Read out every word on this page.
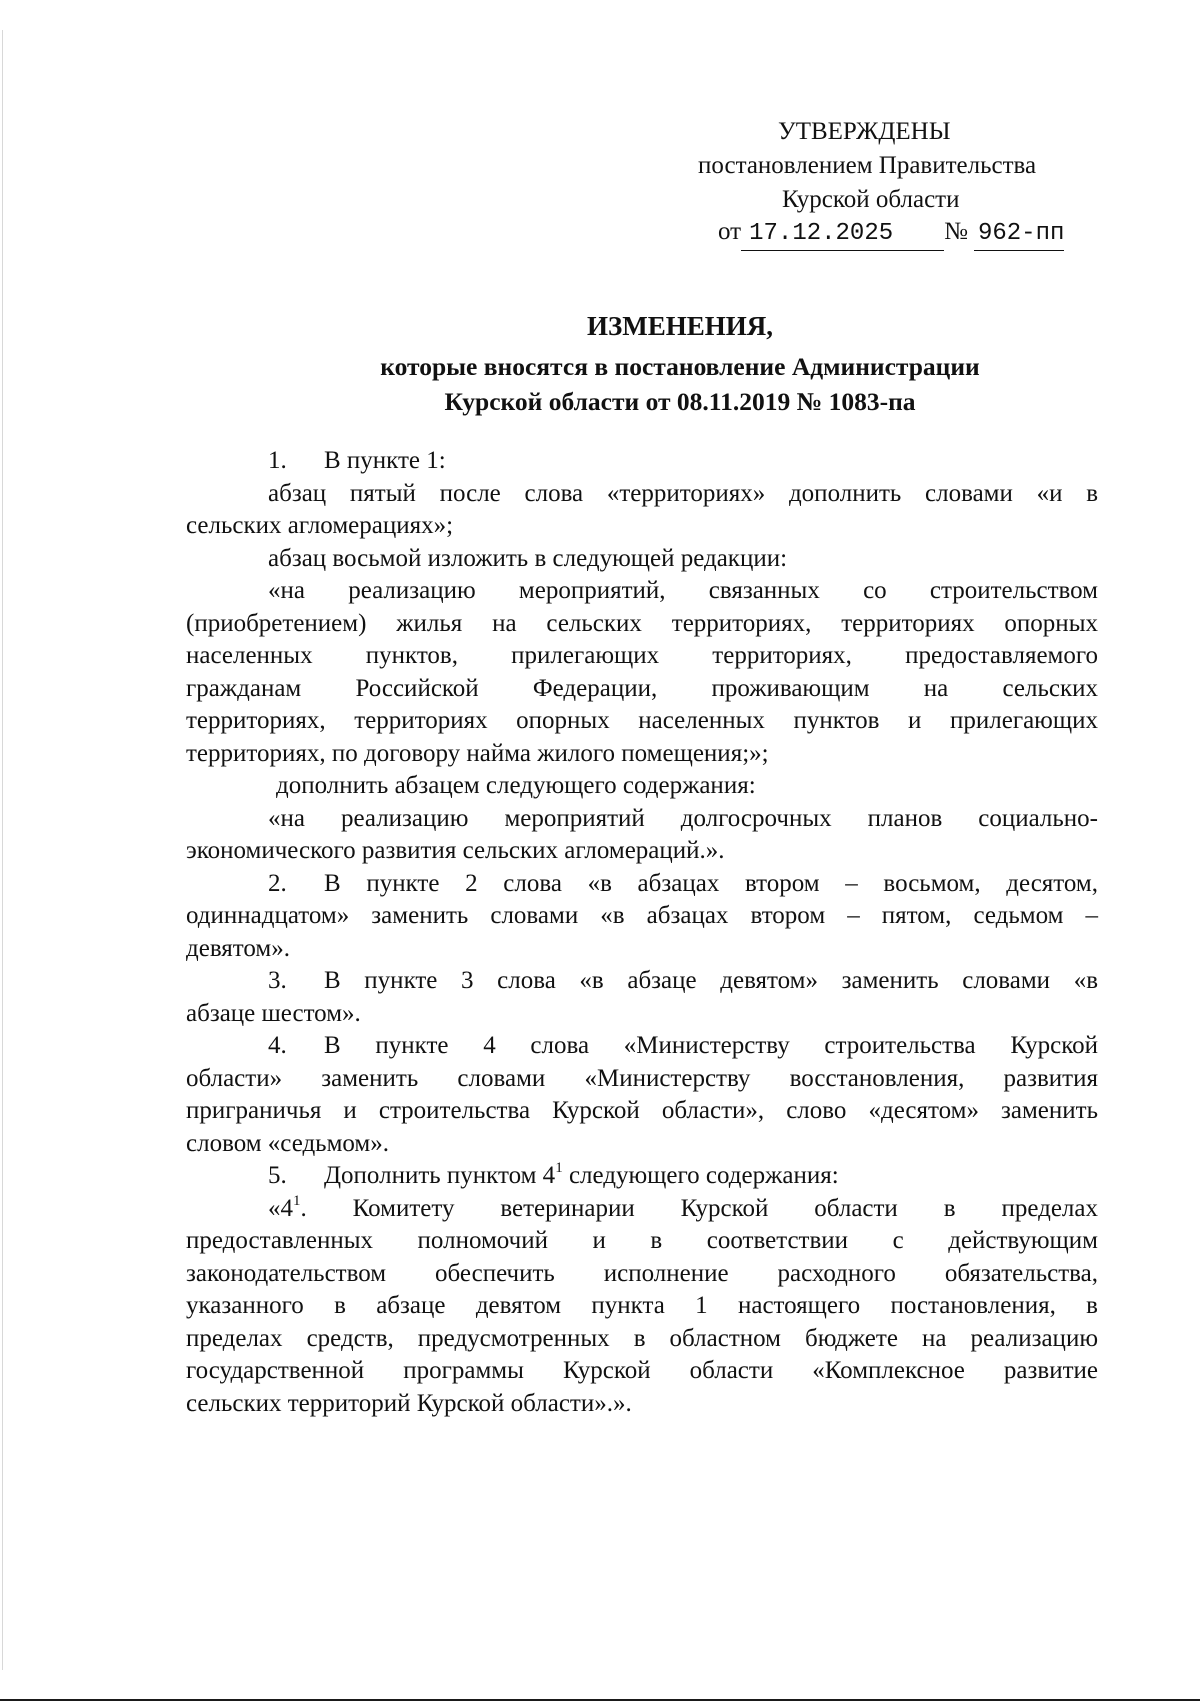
УТВЕРЖДЕНЫ
постановлением Правительства
Курской области
от 17.12.2025 № 962-пп
ИЗМЕНЕНИЯ,
которые вносятся в постановление Администрации
Курской области от 08.11.2019 № 1083-па
1. В пункте 1:
абзац пятый после слова «территориях» дополнить словами «и в
сельских агломерациях»;
абзац восьмой изложить в следующей редакции:
«на реализацию мероприятий, связанных со строительством
(приобретением) жилья на сельских территориях, территориях опорных
населенных пунктов, прилегающих территориях, предоставляемого
гражданам Российской Федерации, проживающим на сельских
территориях, территориях опорных населенных пунктов и прилегающих
территориях, по договору найма жилого помещения;»;
дополнить абзацем следующего содержания:
«на реализацию мероприятий долгосрочных планов социально-
экономического развития сельских агломераций.».
2. В пункте 2 слова «в абзацах втором – восьмом, десятом,
одиннадцатом» заменить словами «в абзацах втором – пятом, седьмом –
девятом».
3. В пункте 3 слова «в абзаце девятом» заменить словами «в
абзаце шестом».
4. В пункте 4 слова «Министерству строительства Курской
области» заменить словами «Министерству восстановления, развития
приграничья и строительства Курской области», слово «десятом» заменить
словом «седьмом».
5. Дополнить пунктом $4^1$ следующего содержания:
«$4^1$. Комитету ветеринарии Курской области в пределах
предоставленных полномочий и в соответствии с действующим
законодательством обеспечить исполнение расходного обязательства,
указанного в абзаце девятом пункта 1 настоящего постановления, в
пределах средств, предусмотренных в областном бюджете на реализацию
государственной программы Курской области «Комплексное развитие
сельских территорий Курской области».».
